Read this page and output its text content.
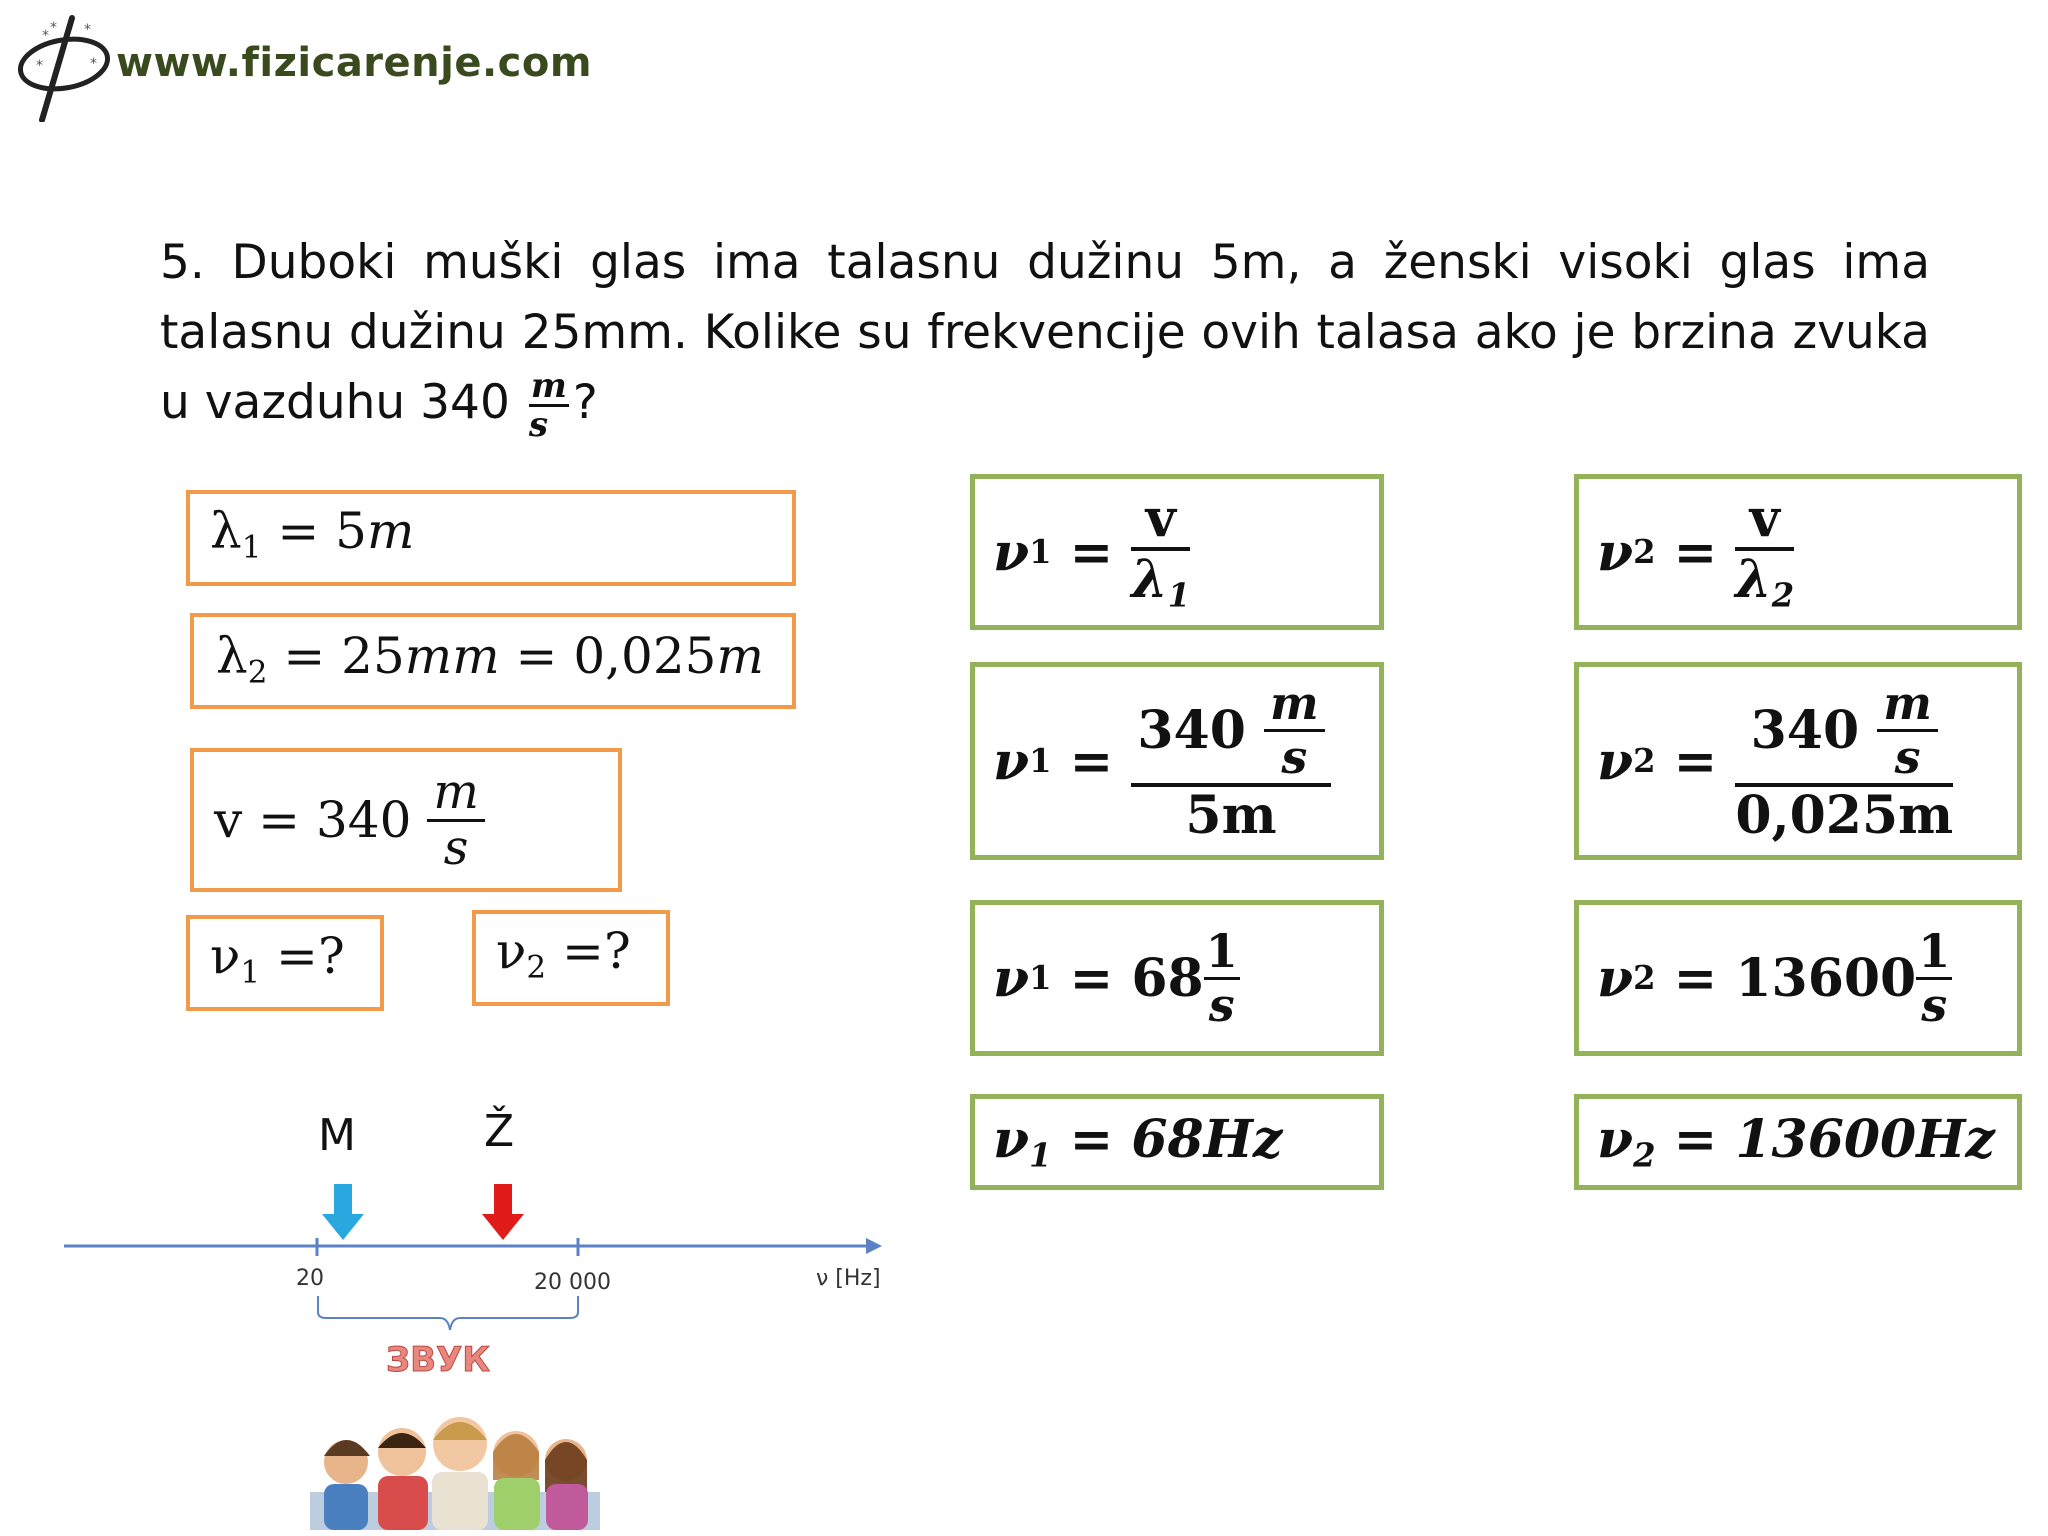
* * *
*	* www.fizicarenje.com
5. Duboki muški glas ima talasnu dužinu 5m, a ženski visoki glas ima talasnu dužinu 25mm. Kolike su frekvencije ovih talasa ako je brzina zvuka u vazduhu $340 \frac{m}{s}$ ?
$\lambda_1 = 5m$
$\lambda_2 = 25mm = 0,025m$
v
=
340
$\frac{m}{s}$
$\nu_1$ =?	$\nu_2$ =?
ν 1
=
$\frac{v}{\lambda_1}$
ν 1
=
340
$\frac{m}{s}$
5m
ν 1
=
$68 \frac{1}{s}$
$\nu_1 = 68Hz$
ν 2
=
$\frac{v}{\lambda_2}$
ν 2
=
340
$\frac{m}{s}$
0,025m
ν 2
=
$13600 \frac{1}{s}$
$\nu_2 = 13600Hz$
M	Ž
20	20 000	ν [Hz]
ЗВУК
